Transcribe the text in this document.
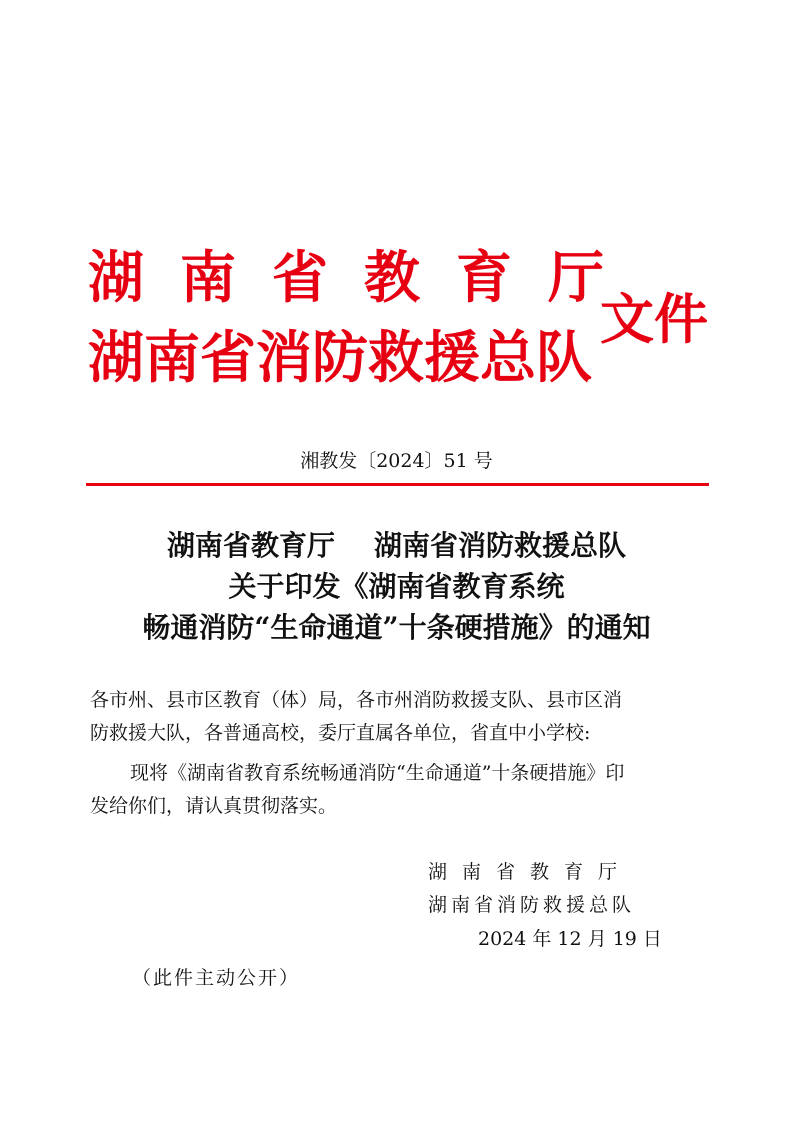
湖南省教育厅
湖南省消防救援总队
文件
湘教发〔2024〕51 号
湖南省教育厅    湖南省消防救援总队
关于印发《湖南省教育系统
畅通消防“生命通道”十条硬措施》的通知
各市州、县市区教育（体）局，各市州消防救援支队、县市区消
防救援大队，各普通高校，委厅直属各单位，省直中小学校:
现将《湖南省教育系统畅通消防“生命通道”十条硬措施》印
发给你们，请认真贯彻落实。
湖南省教育厅
湖南省消防救援总队
2024 年 12 月 19 日
（此件主动公开）
